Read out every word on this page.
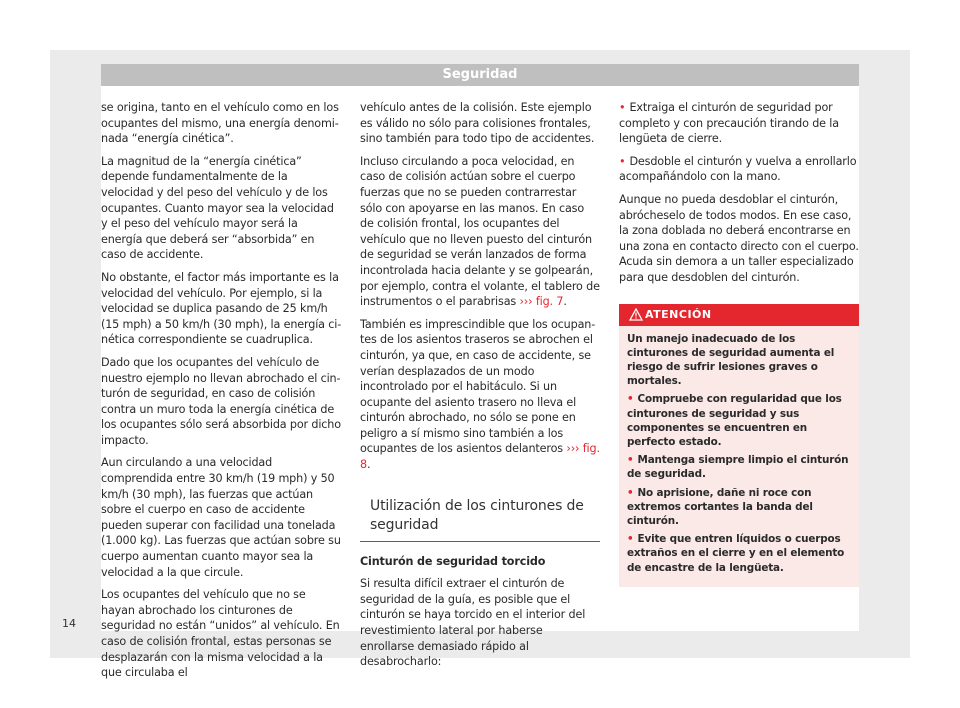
Seguridad

se origina, tanto en el vehículo como en los ocupantes del mismo, una energía denominada “energía cinética”.

La magnitud de la “energía cinética” depende fundamentalmente de la velocidad y del peso del vehículo y de los ocupantes. Cuanto mayor sea la velocidad y el peso del vehículo mayor será la energía que deberá ser “absorbida” en caso de accidente.

No obstante, el factor más importante es la velocidad del vehículo. Por ejemplo, si la velocidad se duplica pasando de 25 km/h (15 mph) a 50 km/h (30 mph), la energía cinética correspondiente se cuadruplica.

Dado que los ocupantes del vehículo de nuestro ejemplo no llevan abrochado el cinturón de seguridad, en caso de colisión contra un muro toda la energía cinética de los ocupantes sólo será absorbida por dicho impacto.

Aun circulando a una velocidad comprendida entre 30 km/h (19 mph) y 50 km/h (30 mph), las fuerzas que actúan sobre el cuerpo en caso de accidente pueden superar con facilidad una tonelada (1.000 kg). Las fuerzas que actúan sobre su cuerpo aumentan cuanto mayor sea la velocidad a la que circule.

Los ocupantes del vehículo que no se hayan abrochado los cinturones de seguridad no están “unidos” al vehículo. En caso de colisión frontal, estas personas se desplazarán con la misma velocidad a la que circulaba el

vehículo antes de la colisión. Este ejemplo es válido no sólo para colisiones frontales, sino también para todo tipo de accidentes.

Incluso circulando a poca velocidad, en caso de colisión actúan sobre el cuerpo fuerzas que no se pueden contrarrestar sólo con apoyarse en las manos. En caso de colisión frontal, los ocupantes del vehículo que no lleven puesto del cinturón de seguridad se verán lanzados de forma incontrolada hacia delante y se golpearán, por ejemplo, contra el volante, el tablero de instrumentos o el parabrisas ››› fig. 7.

También es imprescindible que los ocupantes de los asientos traseros se abrochen el cinturón, ya que, en caso de accidente, se verían desplazados de un modo incontrolado por el habitáculo. Si un ocupante del asiento trasero no lleva el cinturón abrochado, no sólo se pone en peligro a sí mismo sino también a los ocupantes de los asientos delanteros ››› fig. 8.

Utilización de los cinturones de seguridad

Cinturón de seguridad torcido

Si resulta difícil extraer el cinturón de seguridad de la guía, es posible que el cinturón se haya torcido en el interior del revestimiento lateral por haberse enrollarse demasiado rápido al desabrocharlo:

• Extraiga el cinturón de seguridad por completo y con precaución tirando de la lengüeta de cierre.

• Desdoble el cinturón y vuelva a enrollarlo acompañándolo con la mano.

Aunque no pueda desdoblar el cinturón, abrócheselo de todos modos. En ese caso, la zona doblada no deberá encontrarse en una zona en contacto directo con el cuerpo. Acuda sin demora a un taller especializado para que desdoblen del cinturón.

ATENCIÓN

Un manejo inadecuado de los cinturones de seguridad aumenta el riesgo de sufrir lesiones graves o mortales.

• Compruebe con regularidad que los cinturones de seguridad y sus componentes se encuentren en perfecto estado.

• Mantenga siempre limpio el cinturón de seguridad.

• No aprisione, dañe ni roce con extremos cortantes la banda del cinturón.

• Evite que entren líquidos o cuerpos extraños en el cierre y en el elemento de encastre de la lengüeta.

14
